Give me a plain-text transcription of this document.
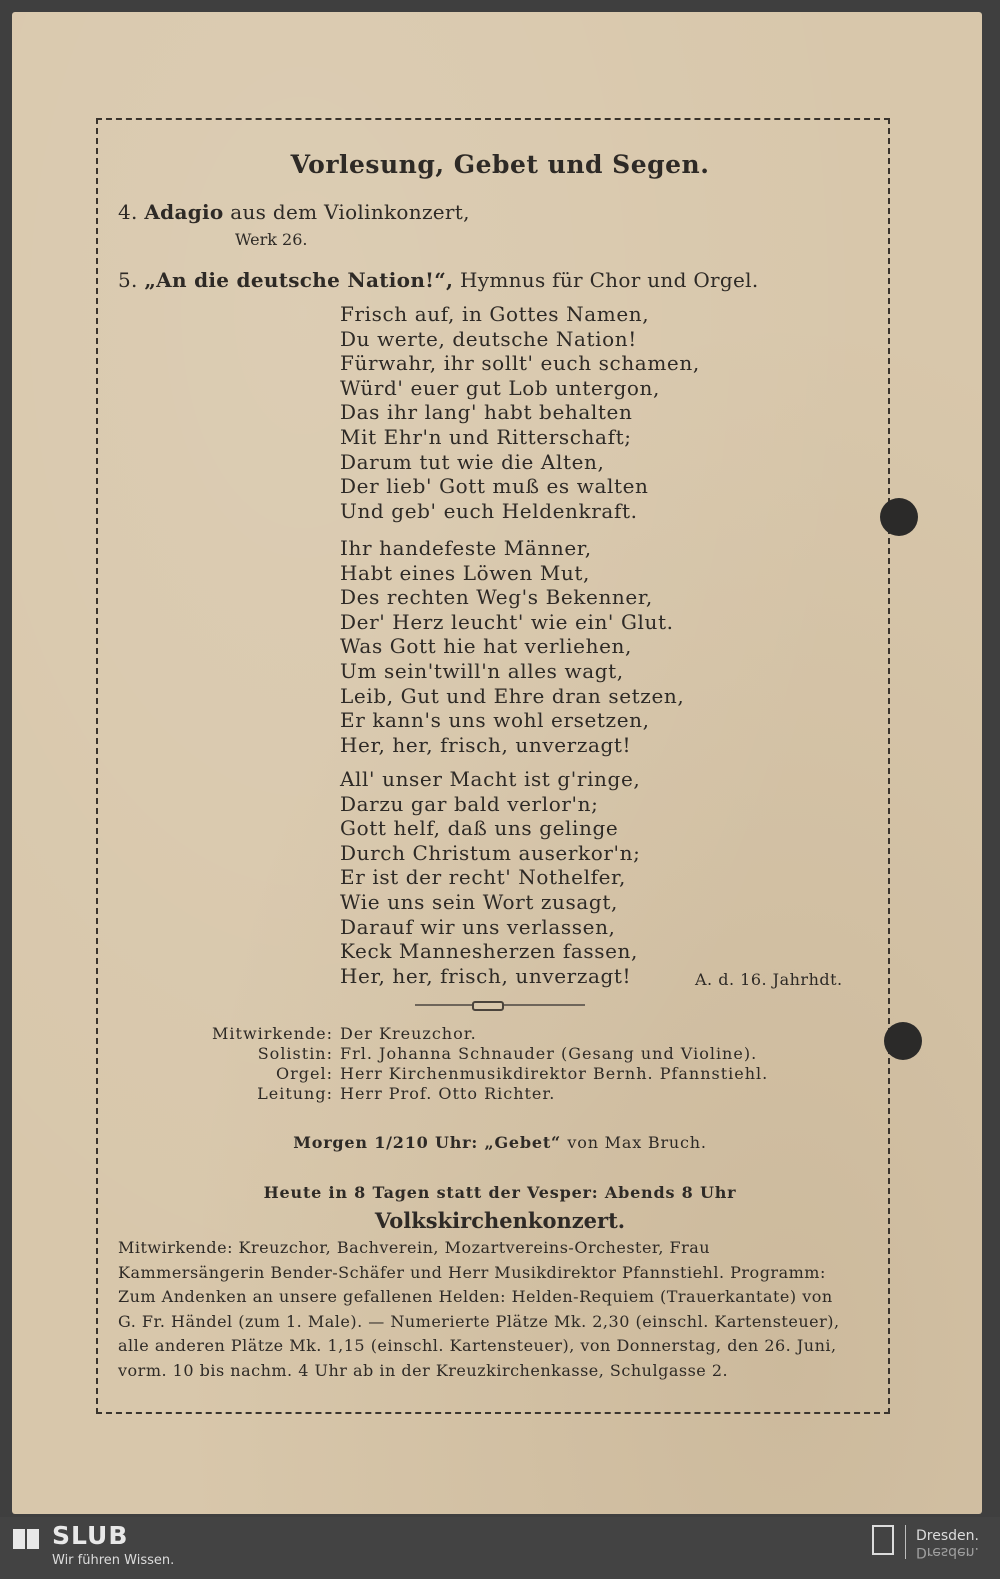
Vorlesung, Gebet und Segen.
4. Adagio aus dem Violinkonzert,
Werk 26.
5. „An die deutsche Nation!“, Hymnus für Chor und Orgel.
Frisch auf, in Gottes Namen,
Du werte, deutsche Nation!
Fürwahr, ihr sollt' euch schamen,
Würd' euer gut Lob untergon,
Das ihr lang' habt behalten
Mit Ehr'n und Ritterschaft;
Darum tut wie die Alten,
Der lieb' Gott muß es walten
Und geb' euch Heldenkraft.
Ihr handefeste Männer,
Habt eines Löwen Mut,
Des rechten Weg's Bekenner,
Der' Herz leucht' wie ein' Glut.
Was Gott hie hat verliehen,
Um sein'twill'n alles wagt,
Leib, Gut und Ehre dran setzen,
Er kann's uns wohl ersetzen,
Her, her, frisch, unverzagt!
All' unser Macht ist g'ringe,
Darzu gar bald verlor'n;
Gott helf, daß uns gelinge
Durch Christum auserkor'n;
Er ist der recht' Nothelfer,
Wie uns sein Wort zusagt,
Darauf wir uns verlassen,
Keck Mannesherzen fassen,
Her, her, frisch, unverzagt!	A. d. 16. Jahrhdt.
Mitwirkende: Der Kreuzchor.
Solistin: Frl. Johanna Schnauder (Gesang und Violine).
Orgel: Herr Kirchenmusikdirektor Bernh. Pfannstiehl.
Leitung: Herr Prof. Otto Richter.
Morgen 1/210 Uhr: „Gebet“ von Max Bruch.
Heute in 8 Tagen statt der Vesper: Abends 8 Uhr
Volkskirchenkonzert.
Mitwirkende: Kreuzchor, Bachverein, Mozartvereins-Orchester, Frau
Kammersängerin Bender-Schäfer und Herr Musikdirektor Pfannstiehl. Programm:
Zum Andenken an unsere gefallenen Helden: Helden-Requiem (Trauerkantate) von
G. Fr. Händel (zum 1. Male). — Numerierte Plätze Mk. 2,30 (einschl. Kartensteuer),
alle anderen Plätze Mk. 1,15 (einschl. Kartensteuer), von Donnerstag, den 26. Juni,
vorm. 10 bis nachm. 4 Uhr ab in der Kreuzkirchenkasse, Schulgasse 2.
SLUB
Wir führen Wissen.
Dresden.
Dresden.
